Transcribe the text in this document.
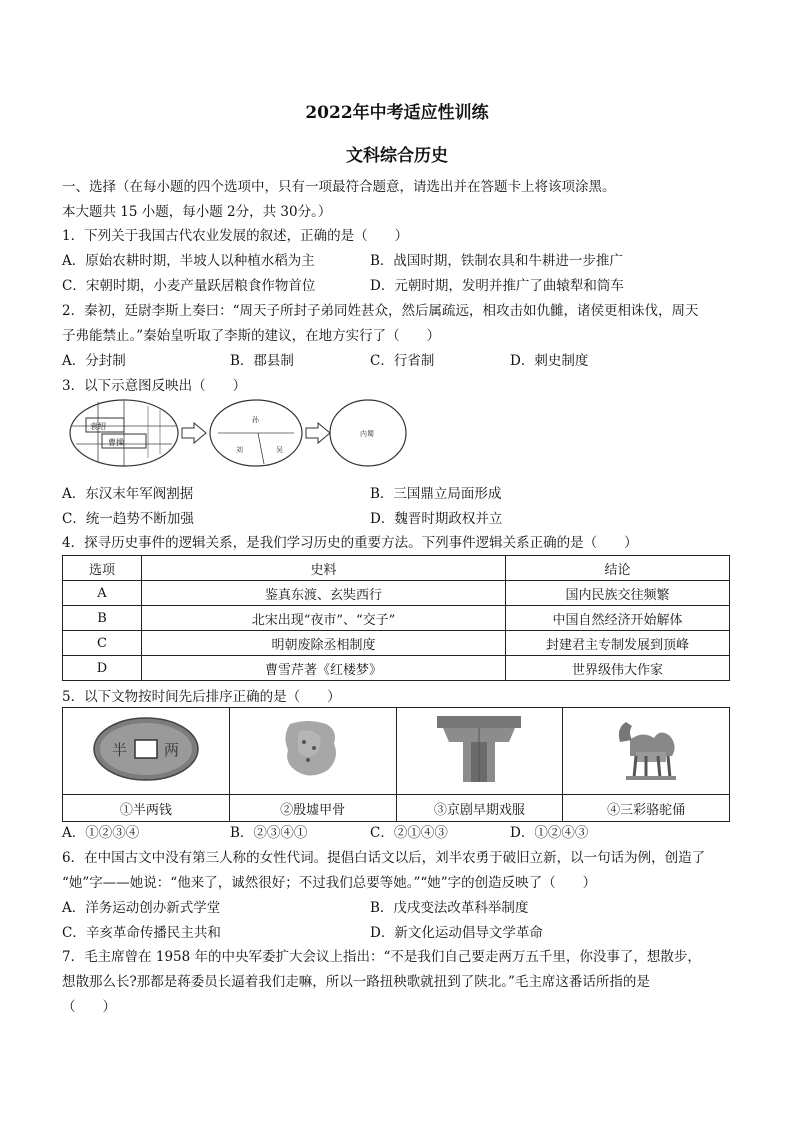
2022年中考适应性训练
文科综合历史
一、选择（在每小题的四个选项中，只有一项最符合题意，请选出并在答题卡上将该项涂黑。
本大题共 15 小题，每小题 2分，共 30分。）
1．下列关于我国古代农业发展的叙述，正确的是（　　）
A．原始农耕时期，半坡人以种植水稻为主	B．战国时期，铁制农具和牛耕进一步推广
C．宋朝时期，小麦产量跃居粮食作物首位	D．元朝时期，发明并推广了曲辕犁和筒车
2．秦初，廷尉李斯上奏曰：“周天子所封子弟同姓甚众，然后属疏远，相攻击如仇雠，诸侯更相诛伐，周天
子弗能禁止。”秦始皇听取了李斯的建议，在地方实行了（　　）
A．分封制	B．郡县制	C．行省制	D．刺史制度
3．以下示意图反映出（　　）
袁绍
曹操
孙
刘	吴
内蜀
A．东汉末年军阀割据	B．三国鼎立局面形成
C．统一趋势不断加强	D．魏晋时期政权并立
4．探寻历史事件的逻辑关系，是我们学习历史的重要方法。下列事件逻辑关系正确的是（　　）
选项	史料	结论
A	鉴真东渡、玄奘西行	国内民族交往频繁
B	北宋出现“夜市”、“交子”	中国自然经济开始解体
C	明朝废除丞相制度	封建君主专制发展到顶峰
D	曹雪芹著《红楼梦》	世界级伟大作家
5．以下文物按时间先后排序正确的是（　　）
半 两

①半两钱	②殷墟甲骨	③京剧早期戏服	④三彩骆驼俑
A．①②③④	B．②③④①	C．②①④③	D．①②④③
6．在中国古文中没有第三人称的女性代词。提倡白话文以后，刘半农勇于破旧立新，以一句话为例，创造了
“她”字——她说：“他来了，诚然很好；不过我们总要等她。”“她”字的创造反映了（　　）
A．洋务运动创办新式学堂	B．戊戌变法改革科举制度
C．辛亥革命传播民主共和	D．新文化运动倡导文学革命
7．毛主席曾在 1958 年的中央军委扩大会议上指出：“不是我们自己要走两万五千里，你没事了，想散步，
想散那么长?那都是蒋委员长逼着我们走嘛，所以一路扭秧歌就扭到了陕北。”毛主席这番话所指的是
（　　）
